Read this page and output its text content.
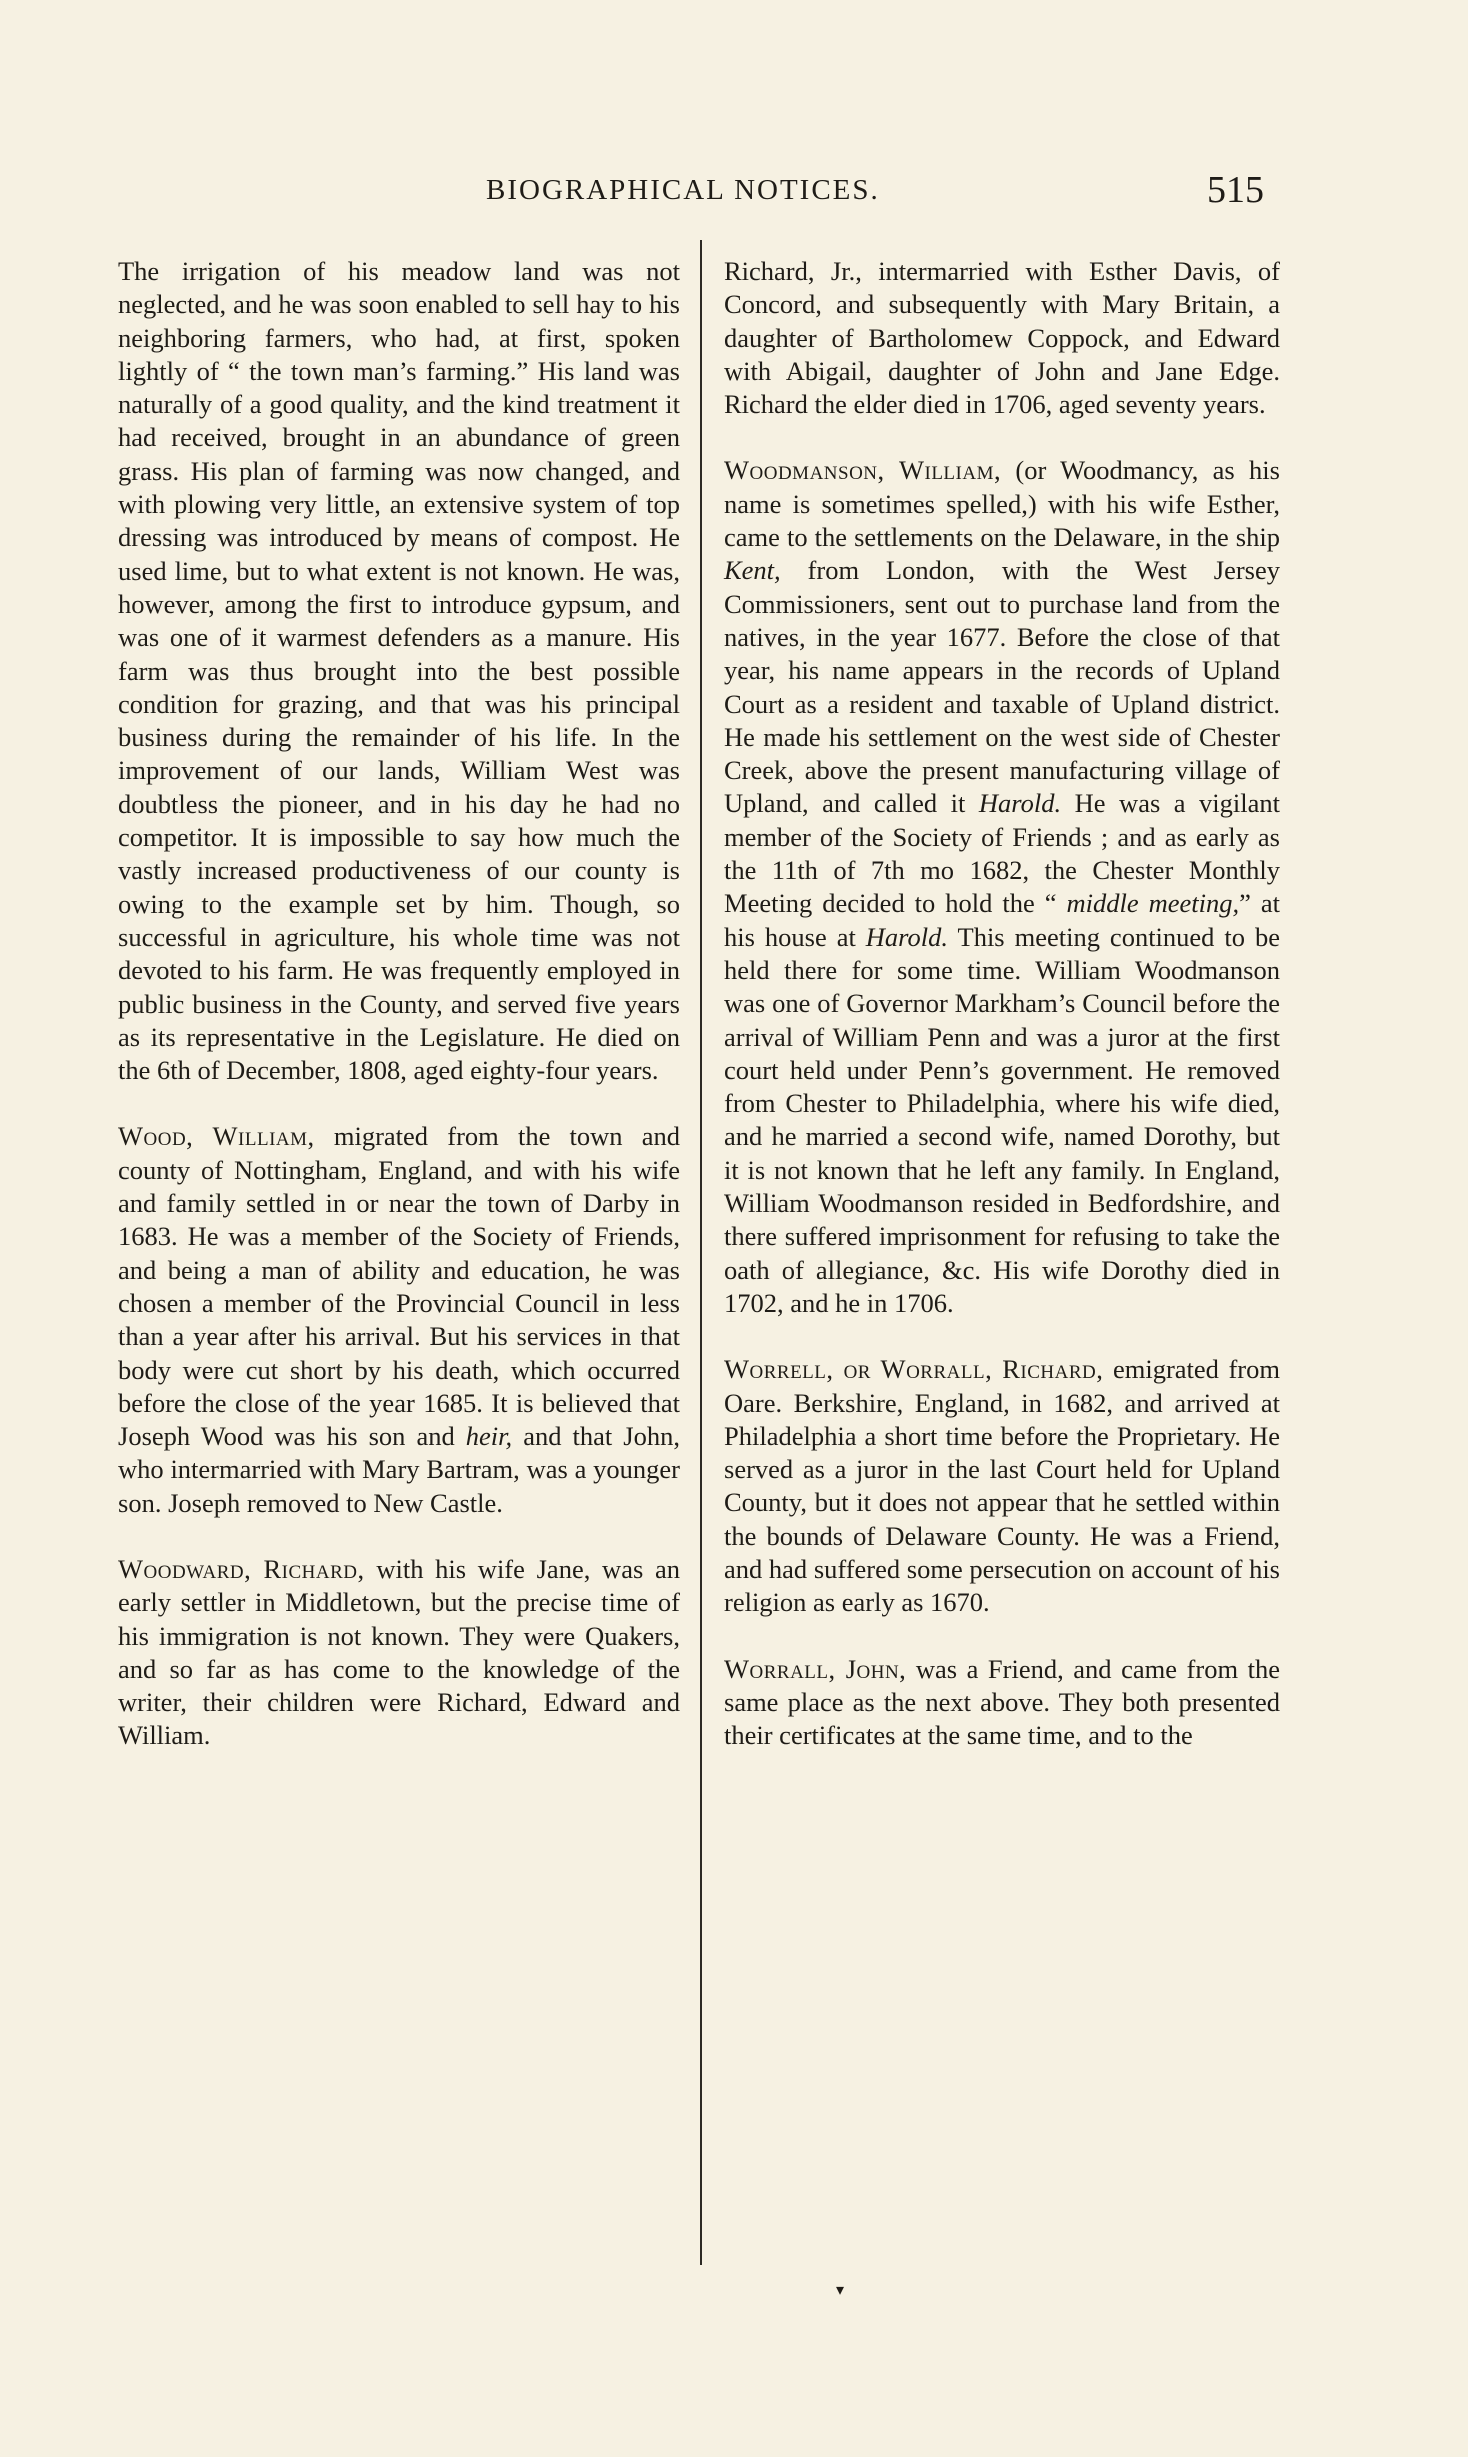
BIOGRAPHICAL NOTICES.	515

The irrigation of his meadow land was not neglected, and he was soon enabled to sell hay to his neighboring farmers, who had, at first, spoken lightly of “ the town man’s farming.” His land was naturally of a good quality, and the kind treatment it had received, brought in an abundance of green grass. His plan of farming was now changed, and with plowing very little, an extensive system of top dressing was introduced by means of compost. He used lime, but to what extent is not known. He was, however, among the first to introduce gypsum, and was one of it warmest defenders as a manure. His farm was thus brought into the best possible condition for grazing, and that was his principal business during the remainder of his life. In the improvement of our lands, William West was doubtless the pioneer, and in his day he had no competitor. It is impossible to say how much the vastly increased productiveness of our county is owing to the example set by him. Though, so successful in agriculture, his whole time was not devoted to his farm. He was frequently employed in public business in the County, and served five years as its representative in the Legislature. He died on the 6th of December, 1808, aged eighty-four years.

Wood, William, migrated from the town and county of Nottingham, England, and with his wife and family settled in or near the town of Darby in 1683. He was a member of the Society of Friends, and being a man of ability and education, he was chosen a member of the Provincial Council in less than a year after his arrival. But his services in that body were cut short by his death, which occurred before the close of the year 1685. It is believed that Joseph Wood was his son and heir, and that John, who intermarried with Mary Bartram, was a younger son. Joseph removed to New Castle.

Woodward, Richard, with his wife Jane, was an early settler in Middletown, but the precise time of his immigration is not known. They were Quakers, and so far as has come to the knowledge of the writer, their children were Richard, Edward and William.

Richard, Jr., intermarried with Esther Davis, of Concord, and subsequently with Mary Britain, a daughter of Bartholomew Coppock, and Edward with Abigail, daughter of John and Jane Edge. Richard the elder died in 1706, aged seventy years.

Woodmanson, William, (or Woodmancy, as his name is sometimes spelled,) with his wife Esther, came to the settlements on the Delaware, in the ship Kent, from London, with the West Jersey Commissioners, sent out to purchase land from the natives, in the year 1677. Before the close of that year, his name appears in the records of Upland Court as a resident and taxable of Upland district. He made his settlement on the west side of Chester Creek, above the present manufacturing village of Upland, and called it Harold. He was a vigilant member of the Society of Friends ; and as early as the 11th of 7th mo 1682, the Chester Monthly Meeting decided to hold the “ middle meeting,” at his house at Harold. This meeting continued to be held there for some time. William Woodmanson was one of Governor Markham’s Council before the arrival of William Penn and was a juror at the first court held under Penn’s government. He removed from Chester to Philadelphia, where his wife died, and he married a second wife, named Dorothy, but it is not known that he left any family. In England, William Woodmanson resided in Bedfordshire, and there suffered imprisonment for refusing to take the oath of allegiance, &c. His wife Dorothy died in 1702, and he in 1706.

Worrell, or Worrall, Richard, emigrated from Oare. Berkshire, England, in 1682, and arrived at Philadelphia a short time before the Proprietary. He served as a juror in the last Court held for Upland County, but it does not appear that he settled within the bounds of Delaware County. He was a Friend, and had suffered some persecution on account of his religion as early as 1670.

Worrall, John, was a Friend, and came from the same place as the next above. They both presented their certificates at the same time, and to the

▾
